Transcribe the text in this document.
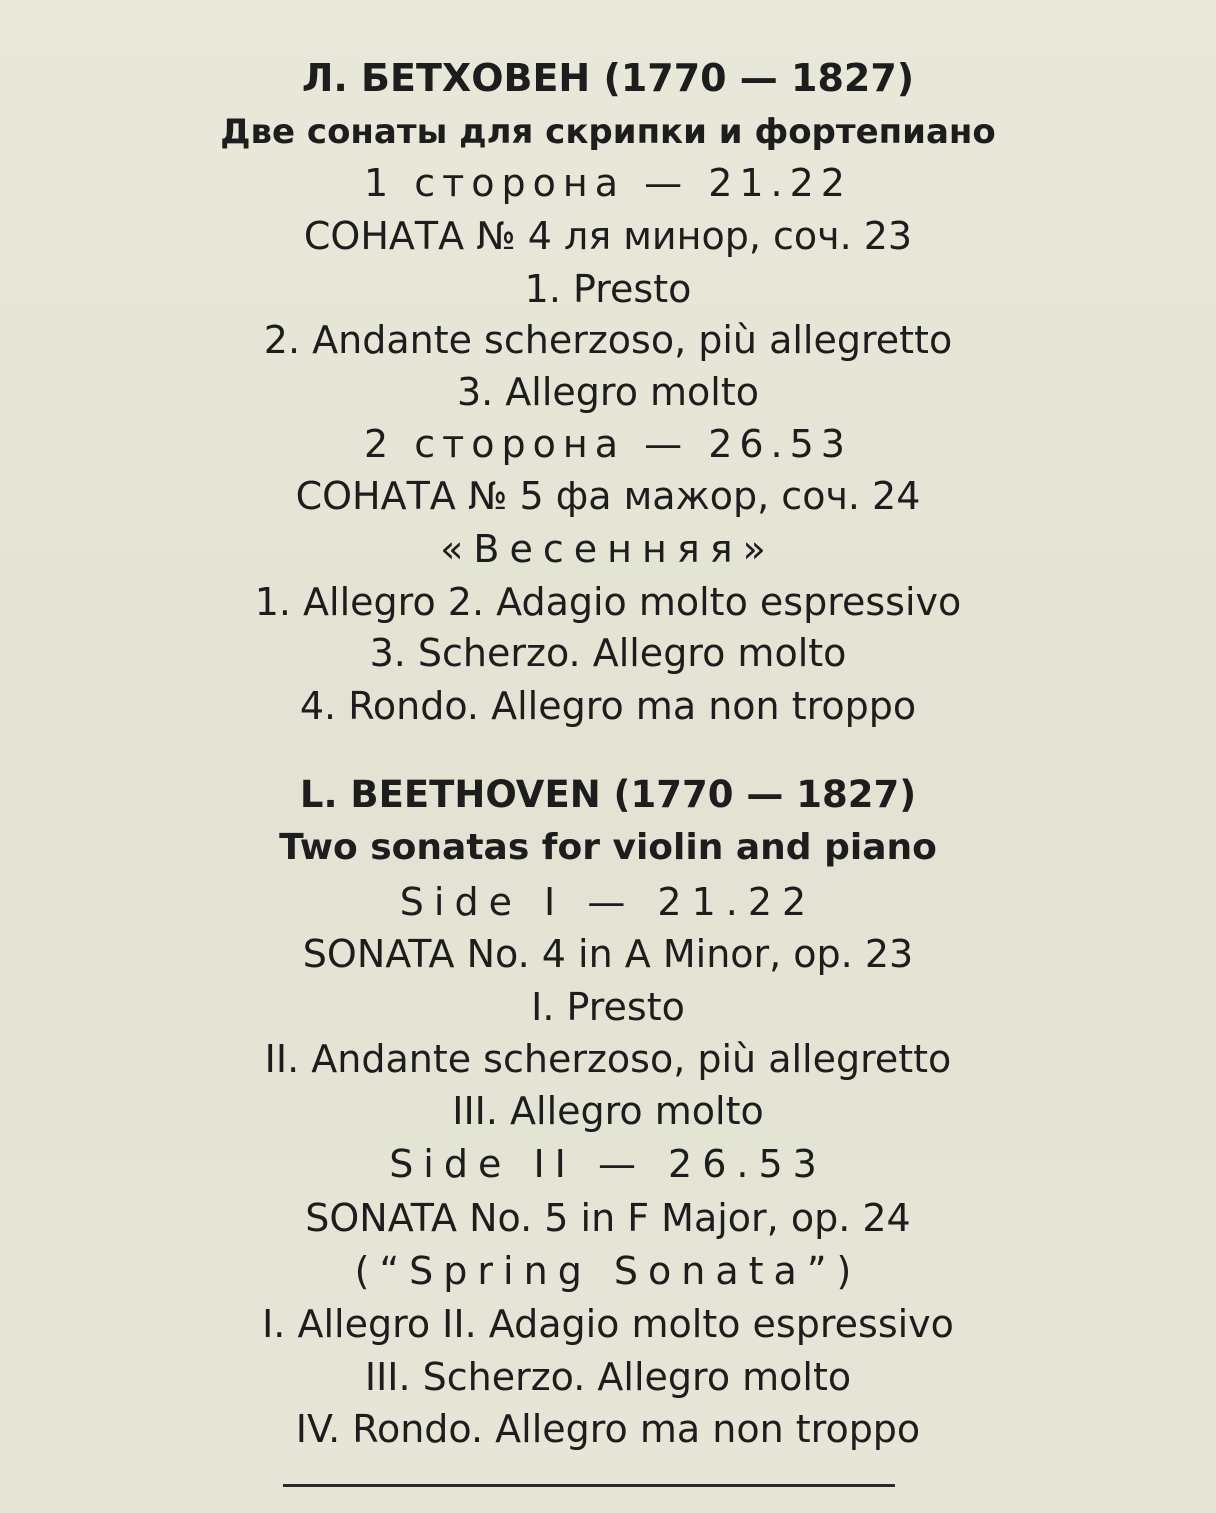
Л. БЕТХОВЕН (1770 — 1827)
Две сонаты для скрипки и фортепиано
1 сторона — 21.22
СОНАТА № 4 ля минор, соч. 23
1. Presto
2. Andante scherzoso, più allegretto
3. Allegro molto
2 сторона — 26.53
СОНАТА № 5 фа мажор, соч. 24
«Весенняя»
1. Allegro 2. Adagio molto espressivo
3. Scherzo. Allegro molto
4. Rondo. Allegro ma non troppo
L. BEETHOVEN (1770 — 1827)
Two sonatas for violin and piano
Side I — 21.22
SONATA No. 4 in A Minor, op. 23
I. Presto
II. Andante scherzoso, più allegretto
III. Allegro molto
Side II — 26.53
SONATA No. 5 in F Major, op. 24
(“Spring Sonata”)
I. Allegro II. Adagio molto espressivo
III. Scherzo. Allegro molto
IV. Rondo. Allegro ma non troppo
